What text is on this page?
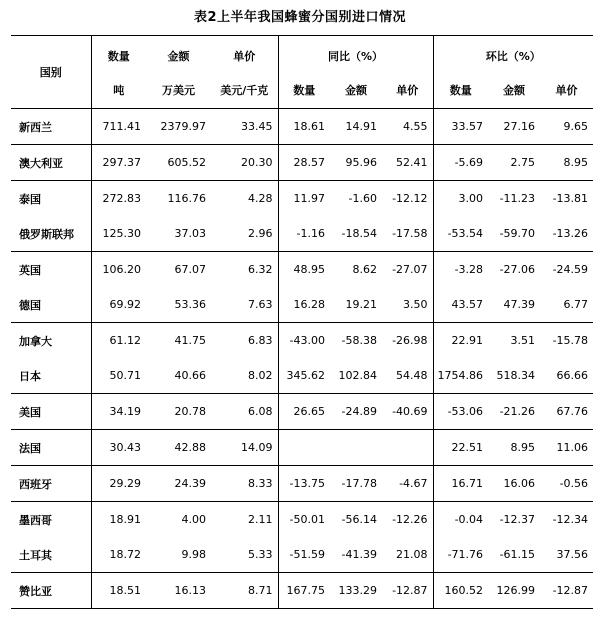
表2上半年我国蜂蜜分国别进口情况
国别	数量	金额	单价	同比（%）			环比（%）		
	吨	万美元	美元/千克	数量	金额	单价	数量	金额	单价
新西兰	711.41	2379.97	33.45	18.61	14.91	4.55	33.57	27.16	9.65
澳大利亚	297.37	605.52	20.30	28.57	95.96	52.41	-5.69	2.75	8.95
泰国	272.83	116.76	4.28	11.97	-1.60	-12.12	3.00	-11.23	-13.81
俄罗斯联邦	125.30	37.03	2.96	-1.16	-18.54	-17.58	-53.54	-59.70	-13.26
英国	106.20	67.07	6.32	48.95	8.62	-27.07	-3.28	-27.06	-24.59
德国	69.92	53.36	7.63	16.28	19.21	3.50	43.57	47.39	6.77
加拿大	61.12	41.75	6.83	-43.00	-58.38	-26.98	22.91	3.51	-15.78
日本	50.71	40.66	8.02	345.62	102.84	54.48	1754.86	518.34	66.66
美国	34.19	20.78	6.08	26.65	-24.89	-40.69	-53.06	-21.26	67.76
法国	30.43	42.88	14.09				22.51	8.95	11.06
西班牙	29.29	24.39	8.33	-13.75	-17.78	-4.67	16.71	16.06	-0.56
墨西哥	18.91	4.00	2.11	-50.01	-56.14	-12.26	-0.04	-12.37	-12.34
土耳其	18.72	9.98	5.33	-51.59	-41.39	21.08	-71.76	-61.15	37.56
赞比亚	18.51	16.13	8.71	167.75	133.29	-12.87	160.52	126.99	-12.87
